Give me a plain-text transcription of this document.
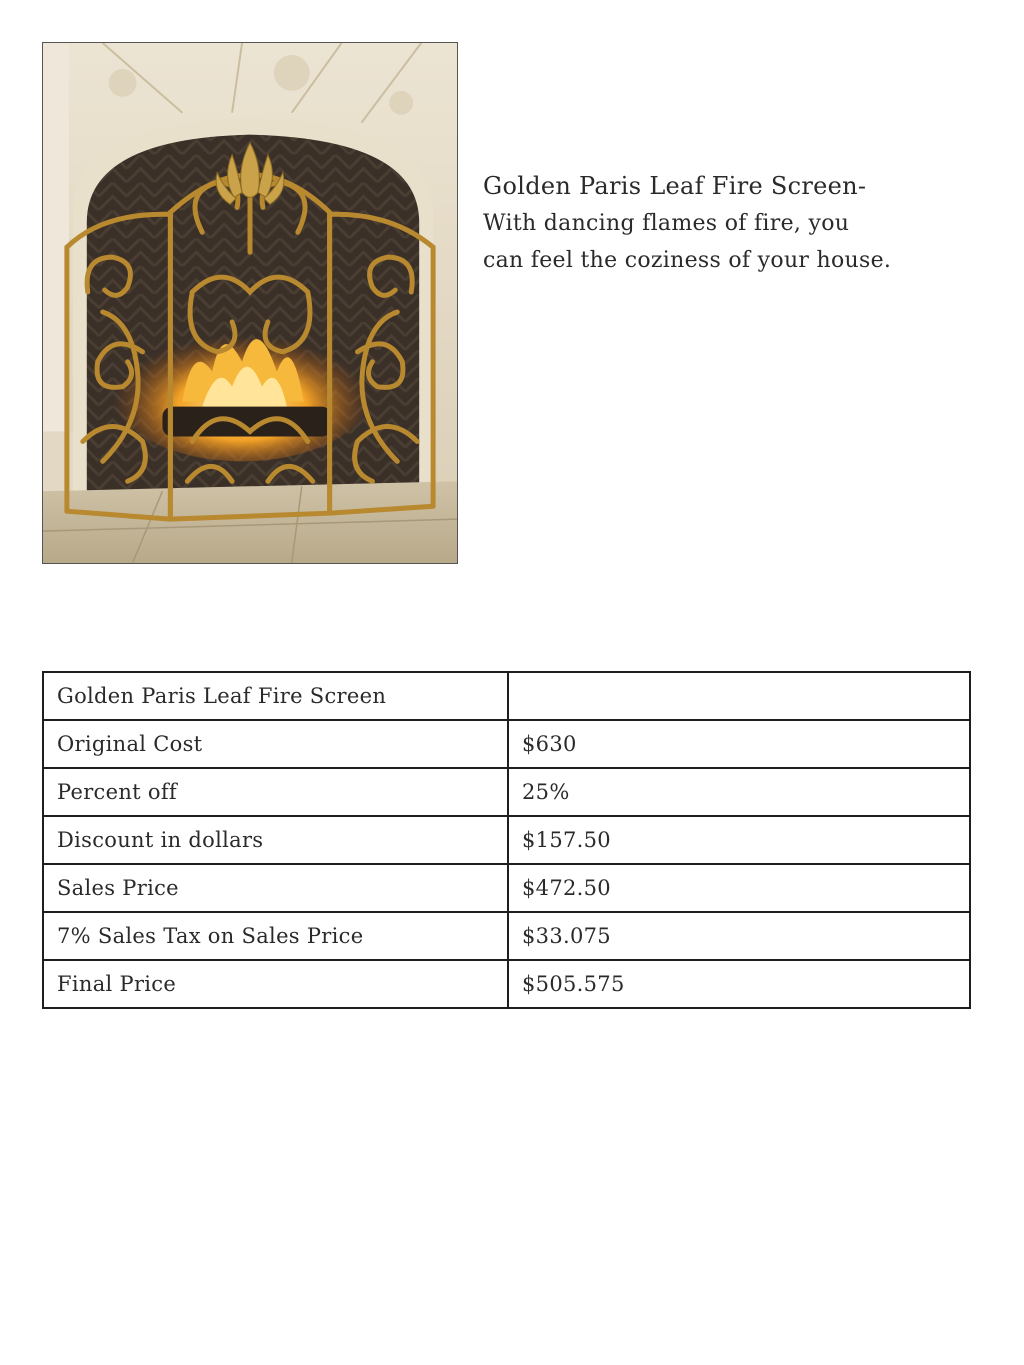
Golden Paris Leaf Fire Screen-

With dancing flames of fire, you

can feel the coziness of your house.

Golden Paris Leaf Fire Screen	
Original Cost	$630
Percent off	25%
Discount in dollars	$157.50
Sales Price	$472.50
7% Sales Tax on Sales Price	$33.075
Final Price	$505.575
